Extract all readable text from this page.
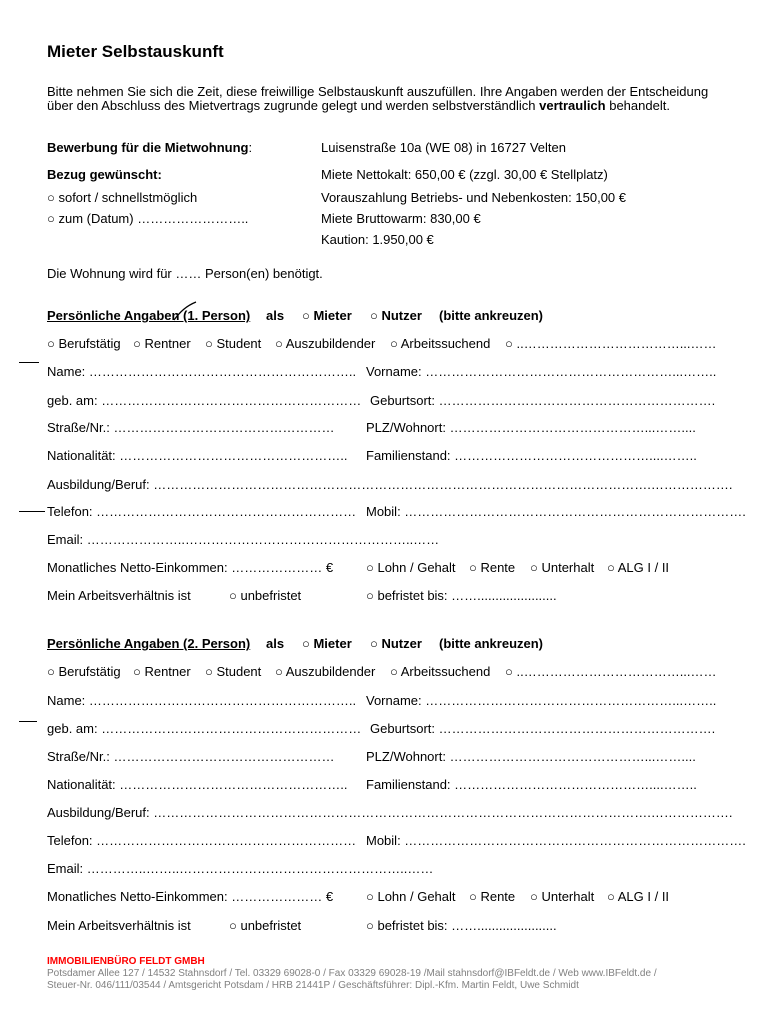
Mieter Selbstauskunft
Bitte nehmen Sie sich die Zeit, diese freiwillige Selbstauskunft auszufüllen. Ihre Angaben werden der Entscheidung
über den Abschluss des Mietvertrags zugrunde gelegt und werden selbstverständlich vertraulich behandelt.
Bewerbung für die Mietwohnung:	Luisenstraße 10a (WE 08) in 16727 Velten
Bezug gewünscht:
○ sofort / schnellstmöglich
○ zum (Datum) ……………………..
Miete Nettokalt: 650,00 € (zzgl. 30,00 € Stellplatz)
Vorauszahlung Betriebs- und Nebenkosten: 150,00 €
Miete Bruttowarm: 830,00 €
Kaution: 1.950,00 €
Die Wohnung wird für …… Person(en) benötigt.
Persönliche Angaben (1. Person) als ○ Mieter ○ Nutzer (bitte ankreuzen)
○ Berufstätig ○ Rentner ○ Student ○ Auszubildender ○ Arbeitssuchend ○ ..………………………………...……
Name: …………………………………………………….. Vorname: …………………………………………………...……..
geb. am: …………………………………………………… Geburtsort: ……………………………………………………….
Straße/Nr.: …………………………………………… PLZ/Wohnort: ………………………………………...……....
Nationalität: …………………………………………….. Familienstand: ………………………………………....……..
Ausbildung/Beruf: …………………………………………………………………………………………………….……………….
Telefon: …………………………………………………… Mobil: …………………………………………………………………….
Email: …………………..……………………………………………..……
Monatliches Netto-Einkommen: ………………… €	○ Lohn / Gehalt ○ Rente ○ Unterhalt ○ ALG I / II
Mein Arbeitsverhältnis ist	○ unbefristet	○ befristet bis: ……......................
Persönliche Angaben (2. Person) als ○ Mieter ○ Nutzer (bitte ankreuzen)
○ Berufstätig ○ Rentner ○ Student ○ Auszubildender ○ Arbeitssuchend ○ ..………………………………...……
Name: …………………………………………………….. Vorname: …………………………………………………...……..
geb. am: …………………………………………………… Geburtsort: ……………………………………………………….
Straße/Nr.: …………………………………………… PLZ/Wohnort: ………………………………………...……....
Nationalität: …………………………………………….. Familienstand: ………………………………………....……..
Ausbildung/Beruf: …………………………………………………………………………………………………….……………….
Telefon: …………………………………………………… Mobil: …………………………………………………………………….
Email: …………..……..……………………………………………..……
Monatliches Netto-Einkommen: ………………… €	○ Lohn / Gehalt ○ Rente ○ Unterhalt ○ ALG I / II
Mein Arbeitsverhältnis ist	○ unbefristet	○ befristet bis: ……......................
IMMOBILIENBÜRO FELDT GMBH
Potsdamer Allee 127 / 14532 Stahnsdorf / Tel. 03329 69028-0 / Fax 03329 69028-19 /Mail stahnsdorf@IBFeldt.de / Web www.IBFeldt.de /
Steuer-Nr. 046/111/03544 / Amtsgericht Potsdam / HRB 21441P / Geschäftsführer: Dipl.-Kfm. Martin Feldt, Uwe Schmidt
